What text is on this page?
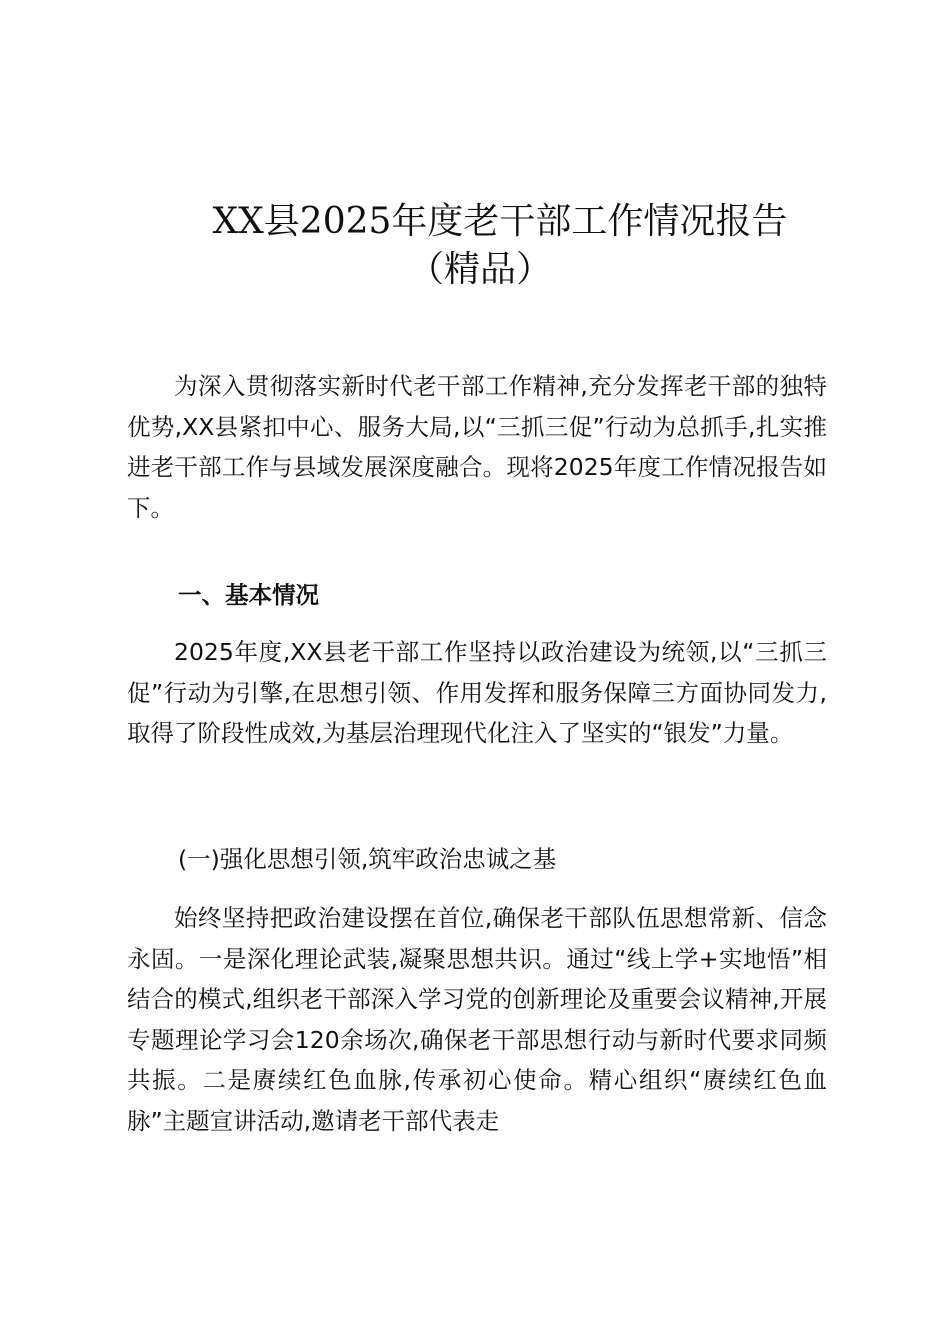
XX县2025年度老干部工作情况报告
（精品）

为深入贯彻落实新时代老干部工作精神,充分发挥老干部的独特优势,XX县紧扣中心、服务大局,以“三抓三促”行动为总抓手,扎实推进老干部工作与县域发展深度融合。现将2025年度工作情况报告如下。

一、基本情况

2025年度,XX县老干部工作坚持以政治建设为统领,以“三抓三促”行动为引擎,在思想引领、作用发挥和服务保障三方面协同发力,取得了阶段性成效,为基层治理现代化注入了坚实的“银发”力量。

(一)强化思想引领,筑牢政治忠诚之基

始终坚持把政治建设摆在首位,确保老干部队伍思想常新、信念永固。一是深化理论武装,凝聚思想共识。通过“线上学+实地悟”相结合的模式,组织老干部深入学习党的创新理论及重要会议精神,开展专题理论学习会120余场次,确保老干部思想行动与新时代要求同频共振。二是赓续红色血脉,传承初心使命。精心组织“赓续红色血脉”主题宣讲活动,邀请老干部代表走
